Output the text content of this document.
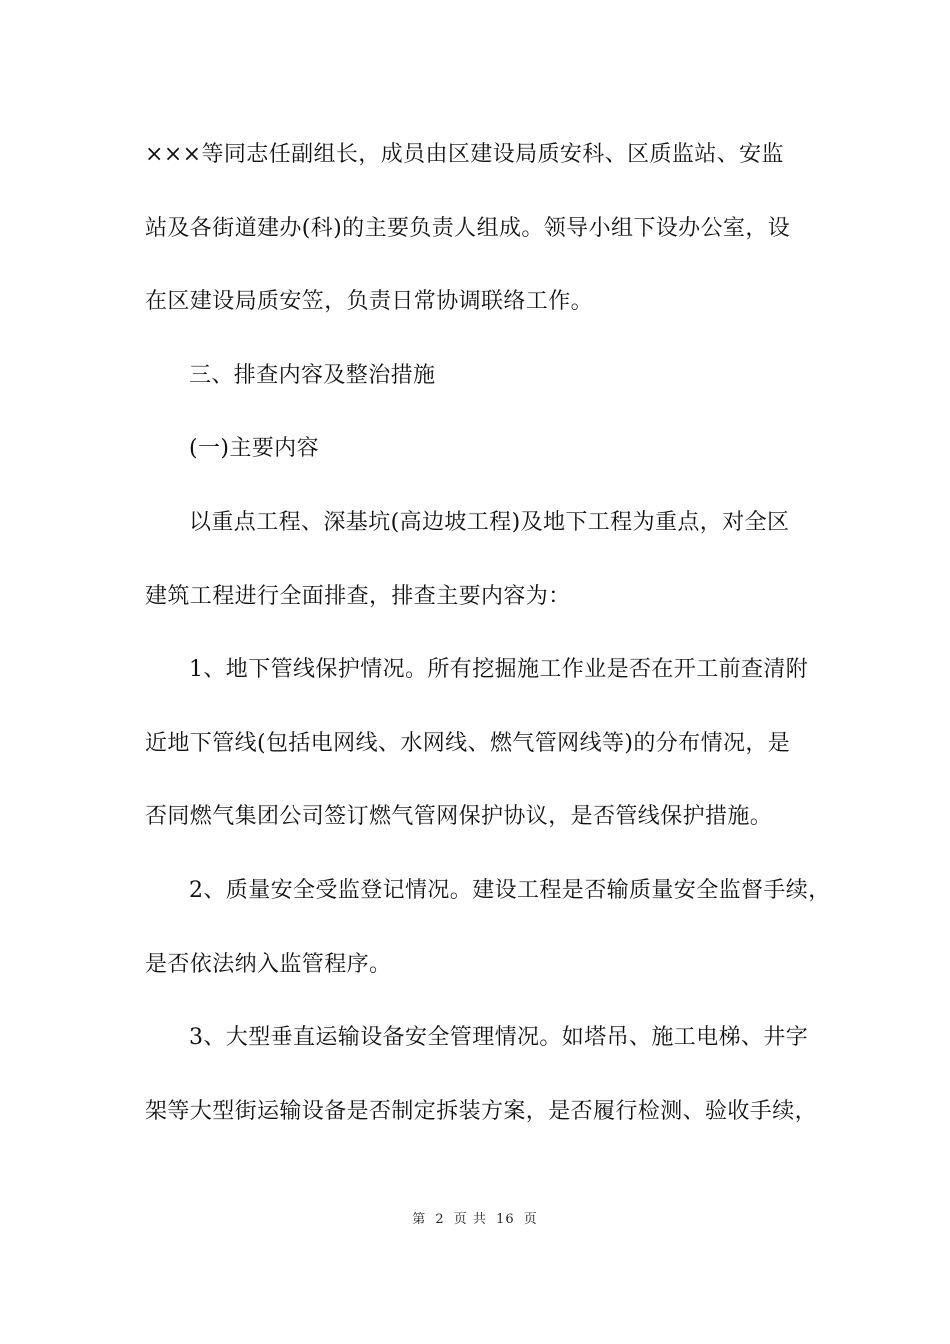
×××等同志任副组长，成员由区建设局质安科、区质监站、安监
站及各街道建办(科)的主要负责人组成。领导小组下设办公室，设
在区建设局质安笠，负责日常协调联络工作。
三、排查内容及整治措施
(一)主要内容
以重点工程、深基坑(高边坡工程)及地下工程为重点，对全区
建筑工程进行全面排查，排查主要内容为：
1、地下管线保护情况。所有挖掘施工作业是否在开工前查清附
近地下管线(包括电网线、水网线、燃气管网线等)的分布情况，是
否同燃气集团公司签订燃气管网保护协议，是否管线保护措施。
2、质量安全受监登记情况。建设工程是否输质量安全监督手续，
是否依法纳入监管程序。
3、大型垂直运输设备安全管理情况。如塔吊、施工电梯、井字
架等大型街运输设备是否制定拆装方案，是否履行检测、验收手续，
第 2 页 共 16 页
